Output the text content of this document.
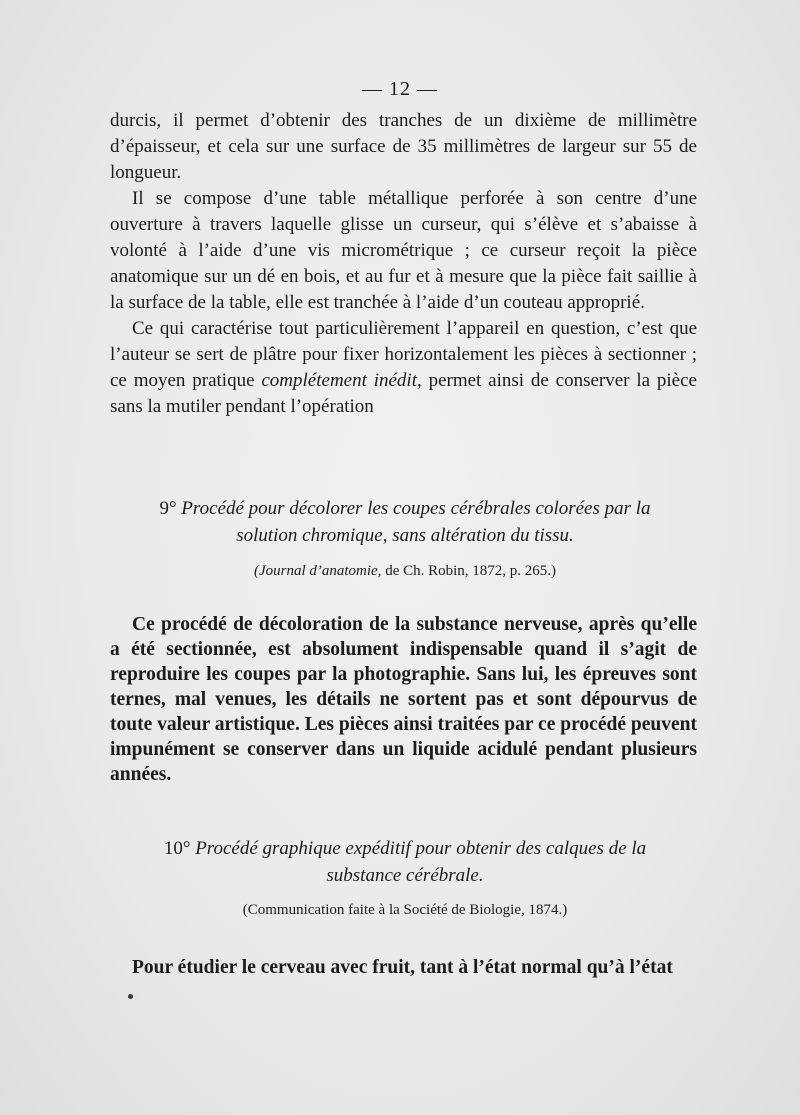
— 12 —

durcis, il permet d’obtenir des tranches de un dixième de millimètre d’épaisseur, et cela sur une surface de 35 millimètres de largeur sur 55 de longueur.

Il se compose d’une table métallique perforée à son centre d’une ouverture à travers laquelle glisse un curseur, qui s’élève et s’abaisse à volonté à l’aide d’une vis micrométrique ; ce curseur reçoit la pièce anatomique sur un dé en bois, et au fur et à mesure que la pièce fait saillie à la surface de la table, elle est tranchée à l’aide d’un couteau approprié.

Ce qui caractérise tout particulièrement l’appareil en question, c’est que l’auteur se sert de plâtre pour fixer horizontalement les pièces à sectionner ; ce moyen pratique complétement inédit, permet ainsi de conserver la pièce sans la mutiler pendant l’opération

9° Procédé pour décolorer les coupes cérébrales colorées par la solution chromique, sans altération du tissu.
(Journal d’anatomie, de Ch. Robin, 1872, p. 265.)

Ce procédé de décoloration de la substance nerveuse, après qu’elle a été sectionnée, est absolument indispensable quand il s’agit de reproduire les coupes par la photographie. Sans lui, les épreuves sont ternes, mal venues, les détails ne sortent pas et sont dépourvus de toute valeur artistique. Les pièces ainsi traitées par ce procédé peuvent impunément se conserver dans un liquide acidulé pendant plusieurs années.

10° Procédé graphique expéditif pour obtenir des calques de la substance cérébrale.
(Communication faite à la Société de Biologie, 1874.)

Pour étudier le cerveau avec fruit, tant à l’état normal qu’à l’état
